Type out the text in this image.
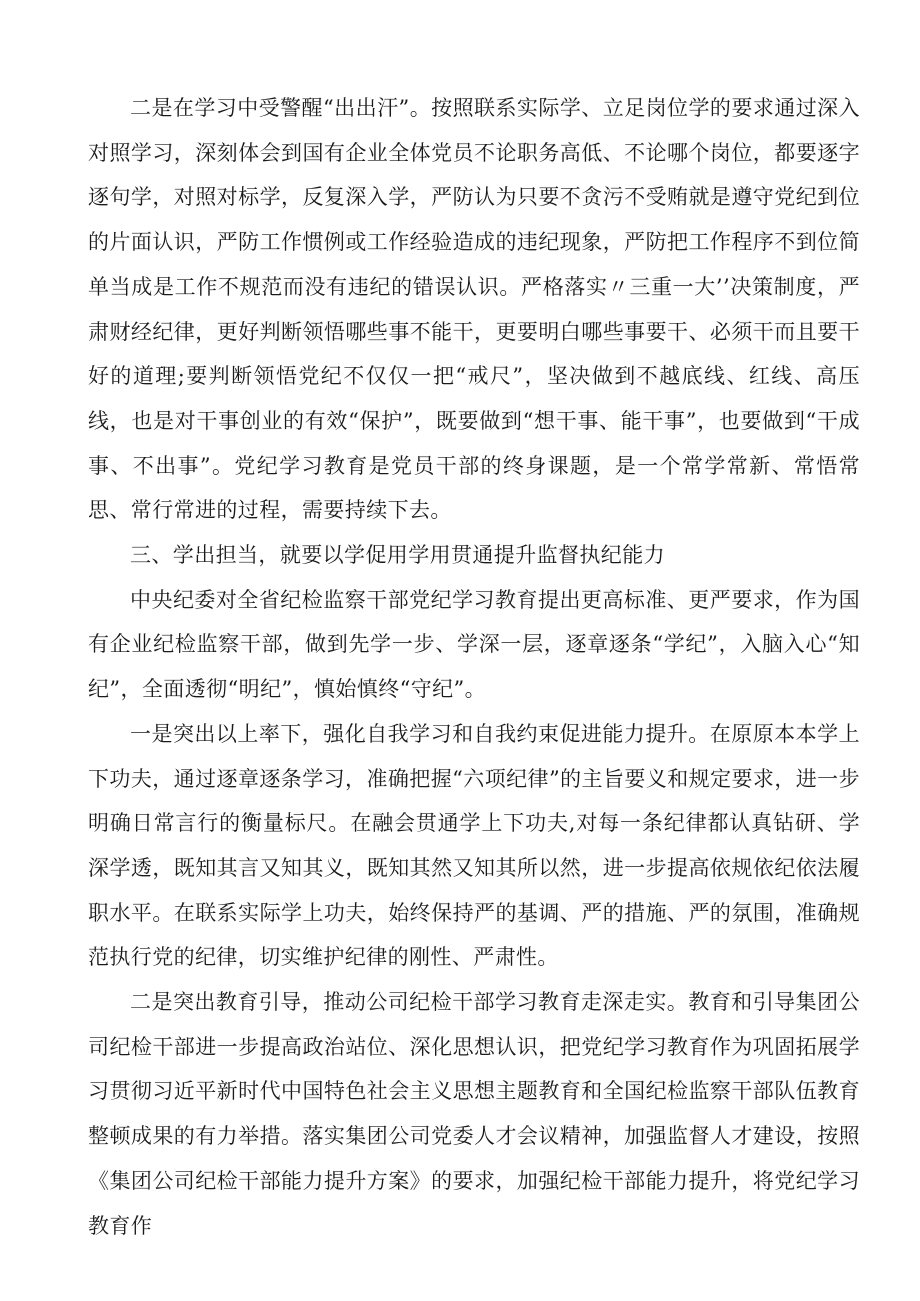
二是在学习中受警醒“出出汗”。按照联系实际学、立足岗位学的要求通过深入对照学习，深刻体会到国有企业全体党员不论职务高低、不论哪个岗位，都要逐字逐句学，对照对标学，反复深入学，严防认为只要不贪污不受贿就是遵守党纪到位的片面认识，严防工作惯例或工作经验造成的违纪现象，严防把工作程序不到位简单当成是工作不规范而没有违纪的错误认识。严格落实〃三重一大’’决策制度，严肃财经纪律，更好判断领悟哪些事不能干，更要明白哪些事要干、必须干而且要干好的道理;要判断领悟党纪不仅仅一把“戒尺”，坚决做到不越底线、红线、高压线，也是对干事创业的有效“保护”，既要做到“想干事、能干事”，也要做到“干成事、不出事”。党纪学习教育是党员干部的终身课题，是一个常学常新、常悟常思、常行常进的过程，需要持续下去。

三、学出担当，就要以学促用学用贯通提升监督执纪能力

中央纪委对全省纪检监察干部党纪学习教育提出更高标准、更严要求，作为国有企业纪检监察干部，做到先学一步、学深一层，逐章逐条“学纪”，入脑入心“知纪”，全面透彻“明纪”，慎始慎终“守纪”。

一是突出以上率下，强化自我学习和自我约束促进能力提升。在原原本本学上下功夫，通过逐章逐条学习，准确把握“六项纪律”的主旨要义和规定要求，进一步明确日常言行的衡量标尺。在融会贯通学上下功夫,对每一条纪律都认真钻研、学深学透，既知其言又知其义，既知其然又知其所以然，进一步提高依规依纪依法履职水平。在联系实际学上功夫，始终保持严的基调、严的措施、严的氛围，准确规范执行党的纪律，切实维护纪律的刚性、严肃性。

二是突出教育引导，推动公司纪检干部学习教育走深走实。教育和引导集团公司纪检干部进一步提高政治站位、深化思想认识，把党纪学习教育作为巩固拓展学习贯彻习近平新时代中国特色社会主义思想主题教育和全国纪检监察干部队伍教育整顿成果的有力举措。落实集团公司党委人才会议精神，加强监督人才建设，按照《集团公司纪检干部能力提升方案》的要求，加强纪检干部能力提升，将党纪学习教育作
